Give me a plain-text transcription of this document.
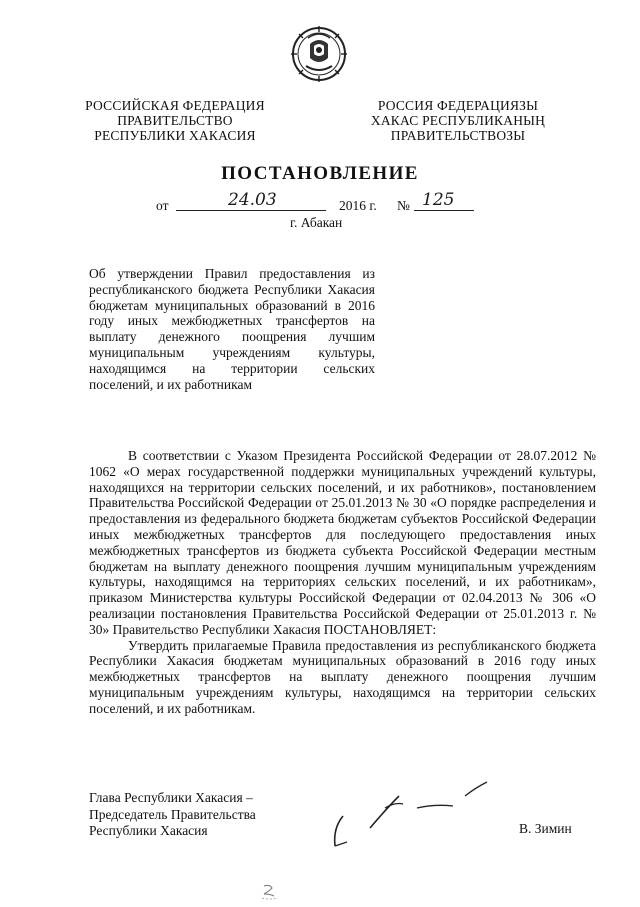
РОССИЙСКАЯ ФЕДЕРАЦИЯ
ПРАВИТЕЛЬСТВО
РЕСПУБЛИКИ ХАКАСИЯ
РОССИЯ ФЕДЕРАЦИЯЗЫ
ХАКАС РЕСПУБЛИКАНЫҢ
ПРАВИТЕЛЬСТВОЗЫ
ПОСТАНОВЛЕНИЕ
от	24.03	2016 г. № 125
г. Абакан
Об утверждении Правил предоставления из республиканского бюджета Республики Хакасия бюджетам муниципальных образований в 2016 году иных межбюджетных трансфертов на выплату денежного поощрения лучшим муниципальным учреждениям культуры, находящимся на территории сельских поселений, и их работникам

В соответствии с Указом Президента Российской Федерации от 28.07.2012 № 1062 «О мерах государственной поддержки муниципальных учреждений культуры, находящихся на территории сельских поселений, и их работников», постановлением Правительства Российской Федерации от 25.01.2013 № 30 «О порядке распределения и предоставления из федерального бюджета бюджетам субъектов Российской Федерации иных межбюджетных трансфертов для последующего предоставления иных межбюджетных трансфертов из бюджета субъекта Российской Федерации местным бюджетам на выплату денежного поощрения лучшим муниципальным учреждениям культуры, находящимся на территориях сельских поселений, и их работникам», приказом Министерства культуры Российской Федерации от 02.04.2013 № 306 «О реализации постановления Правительства Российской Федерации от 25.01.2013 г. № 30» Правительство Республики Хакасия ПОСТАНОВЛЯЕТ:

Утвердить прилагаемые Правила предоставления из республиканского бюджета Республики Хакасия бюджетам муниципальных образований в 2016 году иных межбюджетных трансфертов на выплату денежного поощрения лучшим муниципальным учреждениям культуры, находящимся на территории сельских поселений, и их работникам.

Глава Республики Хакасия –
Председатель Правительства
Республики Хакасия	В. Зимин
